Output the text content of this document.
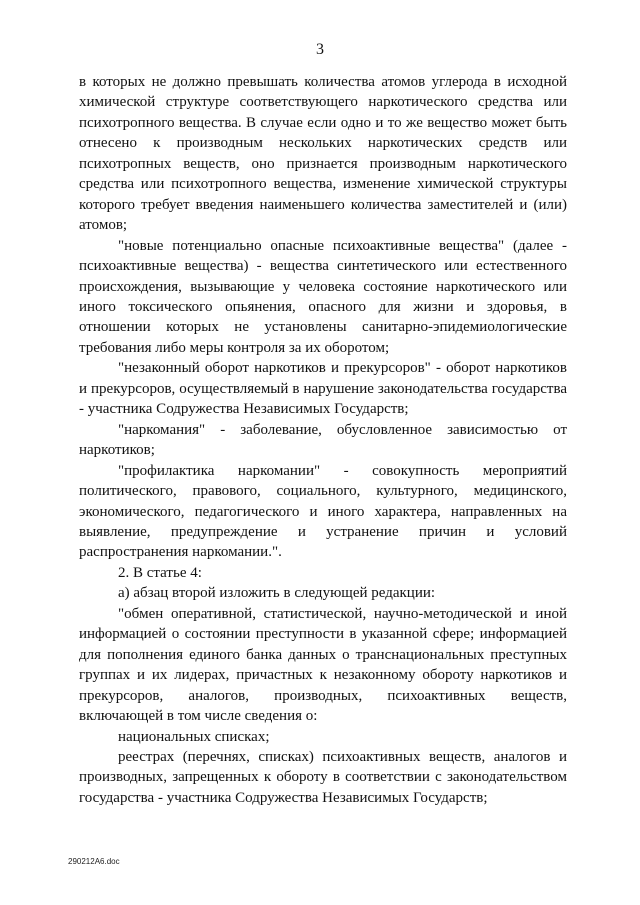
3

в которых не должно превышать количества атомов углерода в исходной химической структуре соответствующего наркотического средства или психотропного вещества. В случае если одно и то же вещество может быть отнесено к производным нескольких наркотических средств или психотропных веществ, оно признается производным наркотического средства или психотропного вещества, изменение химической структуры которого требует введения наименьшего количества заместителей и (или) атомов;

"новые потенциально опасные психоактивные вещества" (далее - психоактивные вещества) - вещества синтетического или естественного происхождения, вызывающие у человека состояние наркотического или иного токсического опьянения, опасного для жизни и здоровья, в отношении которых не установлены санитарно-эпидемиологические требования либо меры контроля за их оборотом;

"незаконный оборот наркотиков и прекурсоров" - оборот наркотиков и прекурсоров, осуществляемый в нарушение законодательства государства - участника Содружества Независимых Государств;

"наркомания" - заболевание, обусловленное зависимостью от наркотиков;

"профилактика наркомании" - совокупность мероприятий политического, правового, социального, культурного, медицинского, экономического, педагогического и иного характера, направленных на выявление, предупреждение и устранение причин и условий распространения наркомании.".

2. В статье 4:

а) абзац второй изложить в следующей редакции:

"обмен оперативной, статистической, научно-методической и иной информацией о состоянии преступности в указанной сфере; информацией для пополнения единого банка данных о транснациональных преступных группах и их лидерах, причастных к незаконному обороту наркотиков и прекурсоров, аналогов, производных, психоактивных веществ, включающей в том числе сведения о:

национальных списках;

реестрах (перечнях, списках) психоактивных веществ, аналогов и производных, запрещенных к обороту в соответствии с законодательством государства - участника Содружества Независимых Государств;

290212A6.doc
